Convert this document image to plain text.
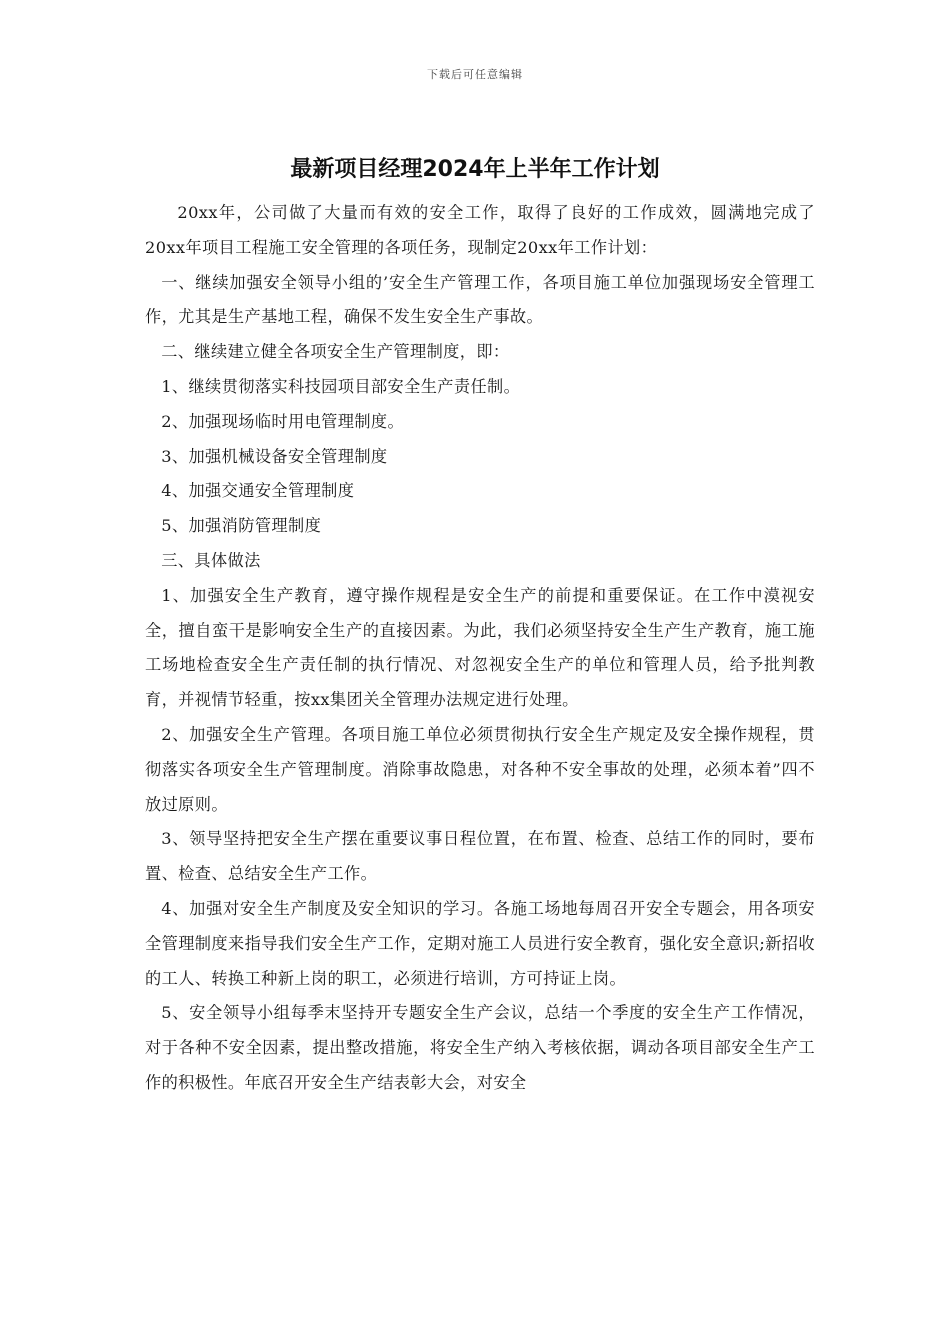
下载后可任意编辑
最新项目经理2024年上半年工作计划

20xx年，公司做了大量而有效的安全工作，取得了良好的工作成效，圆满地完成了20xx年项目工程施工安全管理的各项任务，现制定20xx年工作计划：

一、继续加强安全领导小组的’安全生产管理工作，各项目施工单位加强现场安全管理工作，尤其是生产基地工程，确保不发生安全生产事故。

二、继续建立健全各项安全生产管理制度，即：

1、继续贯彻落实科技园项目部安全生产责任制。

2、加强现场临时用电管理制度。

3、加强机械设备安全管理制度

4、加强交通安全管理制度

5、加强消防管理制度

三、具体做法

1、加强安全生产教育，遵守操作规程是安全生产的前提和重要保证。在工作中漠视安全，擅自蛮干是影响安全生产的直接因素。为此，我们必须坚持安全生产生产教育，施工施工场地检查安全生产责任制的执行情况、对忽视安全生产的单位和管理人员，给予批判教育，并视情节轻重，按xx集团关全管理办法规定进行处理。

2、加强安全生产管理。各项目施工单位必须贯彻执行安全生产规定及安全操作规程，贯彻落实各项安全生产管理制度。消除事故隐患，对各种不安全事故的处理，必须本着”四不放过原则。

3、领导坚持把安全生产摆在重要议事日程位置，在布置、检查、总结工作的同时，要布置、检查、总结安全生产工作。

4、加强对安全生产制度及安全知识的学习。各施工场地每周召开安全专题会，用各项安全管理制度来指导我们安全生产工作，定期对施工人员进行安全教育，强化安全意识;新招收的工人、转换工种新上岗的职工，必须进行培训，方可持证上岗。

5、安全领导小组每季末坚持开专题安全生产会议，总结一个季度的安全生产工作情况，对于各种不安全因素，提出整改措施，将安全生产纳入考核依据，调动各项目部安全生产工作的积极性。年底召开安全生产结表彰大会，对安全
